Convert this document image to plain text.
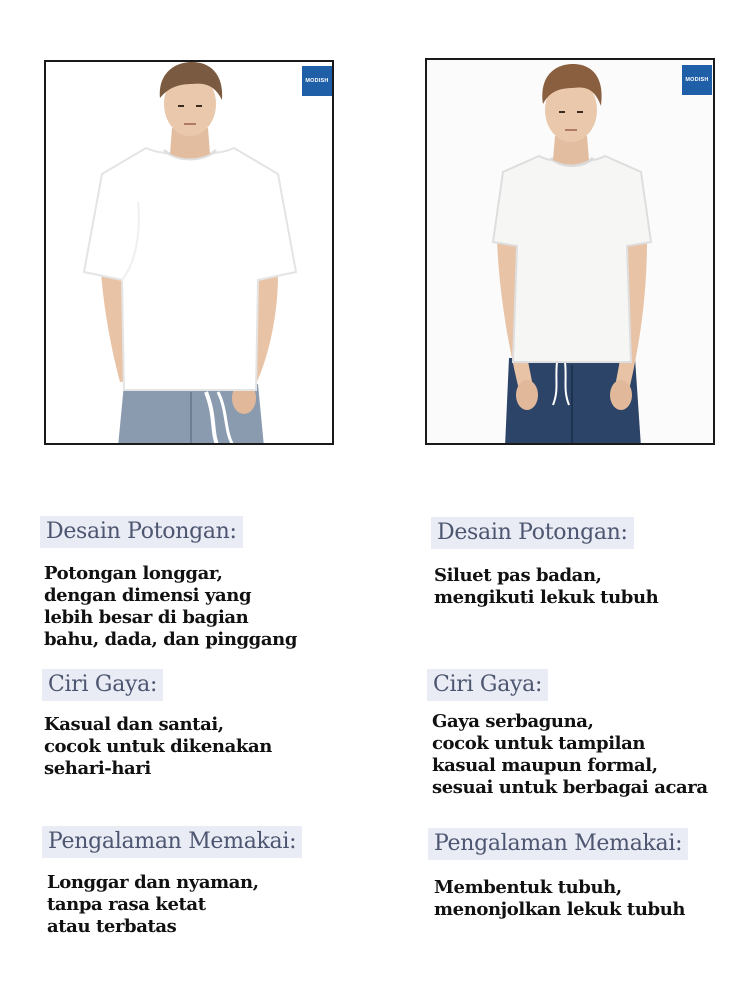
MODISH	MODISH
Desain Potongan:
Potongan longgar,
dengan dimensi yang
lebih besar di bagian
bahu, dada, dan pinggang
Ciri Gaya:
Kasual dan santai,
cocok untuk dikenakan
sehari-hari
Pengalaman Memakai:
Longgar dan nyaman,
tanpa rasa ketat
atau terbatas
Desain Potongan:
Siluet pas badan,
mengikuti lekuk tubuh
Ciri Gaya:
Gaya serbaguna,
cocok untuk tampilan
kasual maupun formal,
sesuai untuk berbagai acara
Pengalaman Memakai:
Membentuk tubuh,
menonjolkan lekuk tubuh
